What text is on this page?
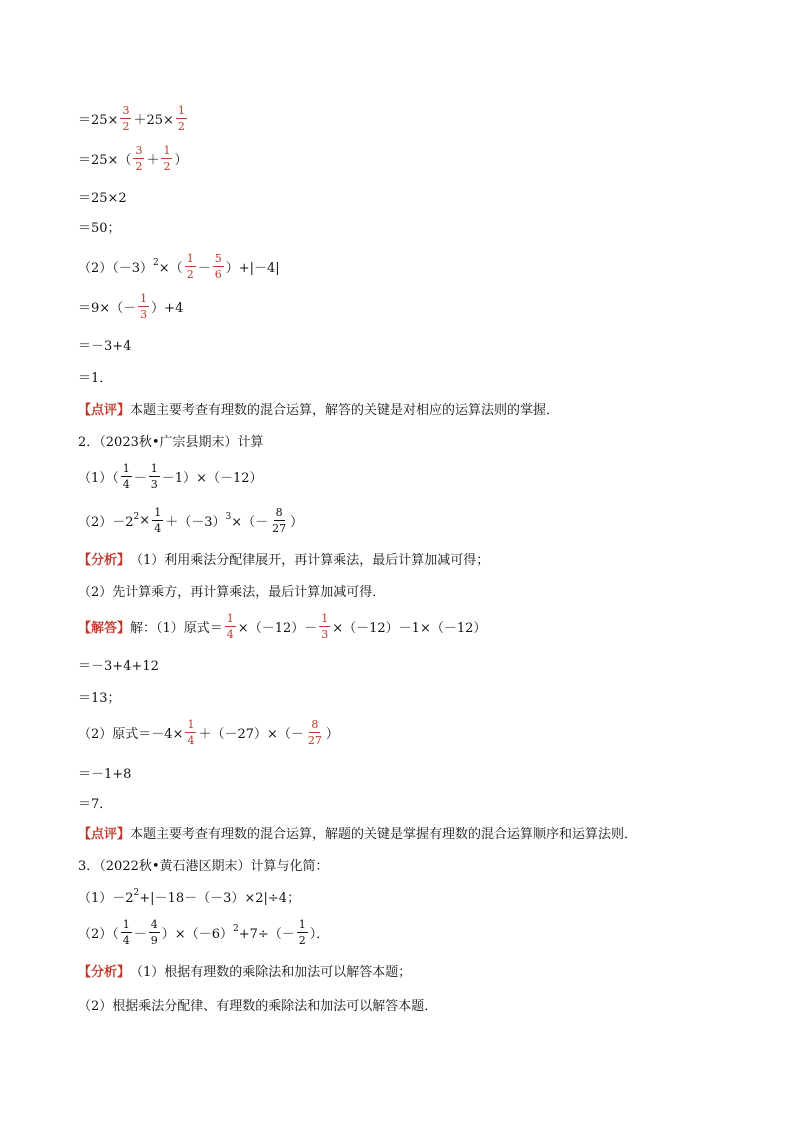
$=25\times \frac{3}{2} +25\times \frac{1}{2}$
$=25\times( \frac{3}{2} + \frac{1}{2}$ ）
＝25×2
＝50；
$(2)(-3)^2$ ×（ $\frac{1}{2} - \frac{5}{6} )+|-4|$
$=9\times(- \frac{1}{3} )+4$
＝－3+4
＝1．
【点评】 本题主要考查有理数的混合运算，解答的关键是对相应的运算法则的掌握．
2．（2023秋•广宗县期末）计算
$(1)( \frac{1}{4} - \frac{1}{3} -1)\times(-12)$
$(2)-2^2 \times \frac{1}{4} +(-3)^3$ ×（－ $\frac{8}{27}$ ）
【分析】 （1）利用乘法分配律展开，再计算乘法，最后计算加减可得；
（2）先计算乘方，再计算乘法，最后计算加减可得．
【解答】 解：（1）原式＝ $\frac{1}{4} \times(-12)- \frac{1}{3} \times(-12)-1\times(-12)$
＝－3+4+12
＝13；
（2）原式$=-4\times \frac{1}{4} +(-27)\times(- \frac{8}{27}$ ）
＝－1+8
＝7．
【点评】 本题主要考查有理数的混合运算，解题的关键是掌握有理数的混合运算顺序和运算法则．
3．（2022秋•黄石港区期末）计算与化简：
$(1)-2^2 +|-18-(-3)\times 2|\div 4$；
$(2)( \frac{1}{4} - \frac{4}{9} )\times(-6)^2 +7\div(- \frac{1}{2}$ ）．
【分析】 （1）根据有理数的乘除法和加法可以解答本题；
（2）根据乘法分配律、有理数的乘除法和加法可以解答本题．
